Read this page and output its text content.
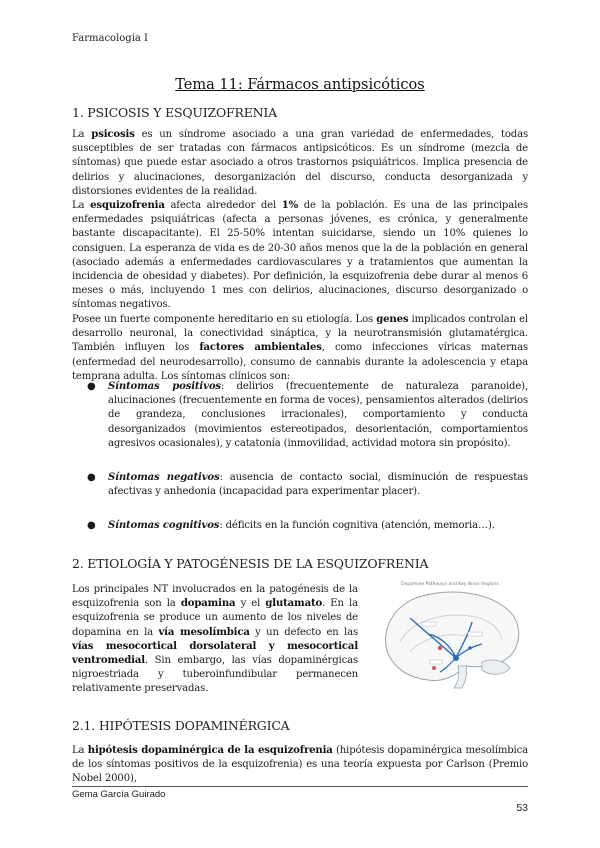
Farmacología I
Tema 11: Fármacos antipsicóticos
1. PSICOSIS Y ESQUIZOFRENIA

La psicosis es un síndrome asociado a una gran variedad de enfermedades, todas susceptibles de ser tratadas con fármacos antipsicóticos. Es un síndrome (mezcla de síntomas) que puede estar asociado a otros trastornos psiquiátricos. Implica presencia de delirios y alucinaciones, desorganización del discurso, conducta desorganizada y distorsiones evidentes de la realidad.

La esquizofrenia afecta alrededor del 1% de la población. Es una de las principales enfermedades psiquiátricas (afecta a personas jóvenes, es crónica, y generalmente bastante discapacitante). El 25-50% intentan suicidarse, siendo un 10% quienes lo consiguen. La esperanza de vida es de 20-30 años menos que la de la población en general (asociado además a enfermedades cardiovasculares y a tratamientos que aumentan la incidencia de obesidad y diabetes). Por definición, la esquizofrenia debe durar al menos 6 meses o más, incluyendo 1 mes con delirios, alucinaciones, discurso desorganizado o síntomas negativos.

Posee un fuerte componente hereditario en su etiología. Los genes implicados controlan el desarrollo neuronal, la conectividad sináptica, y la neurotransmisión glutamatérgica. También influyen los factores ambientales, como infecciones víricas maternas (enfermedad del neurodesarrollo), consumo de cannabis durante la adolescencia y etapa temprana adulta. Los síntomas clínicos son:

● Síntomas positivos: delirios (frecuentemente de naturaleza paranoide), alucinaciones (frecuentemente en forma de voces), pensamientos alterados (delirios de grandeza, conclusiones irracionales), comportamiento y conducta desorganizados (movimientos estereotipados, desorientación, comportamientos agresivos ocasionales), y catatonía (inmovilidad, actividad motora sin propósito).
● Síntomas negativos: ausencia de contacto social, disminución de respuestas afectivas y anhedonia (incapacidad para experimentar placer).
● Síntomas cognitivos: déficits en la función cognitiva (atención, memoria…).
2. ETIOLOGÍA Y PATOGÉNESIS DE LA ESQUIZOFRENIA

Los principales NT involucrados en la patogénesis de la esquizofrenia son la dopamina y el glutamato. En la esquizofrenia se produce un aumento de los niveles de dopamina en la vía mesolímbica y un defecto en las vías mesocortical dorsolateral y mesocortical ventromedial. Sin embargo, las vías dopaminérgicas nigroestriada y tuberoinfundibular permanecen relativamente preservadas.

Dopamine Pathways and Key Brain Regions
2.1. HIPÓTESIS DOPAMINÉRGICA

La hipótesis dopaminérgica de la esquizofrenia (hipótesis dopaminérgica mesolímbica de los síntomas positivos de la esquizofrenia) es una teoría expuesta por Carlson (Premio Nobel 2000),

Gema García Guirado
53
